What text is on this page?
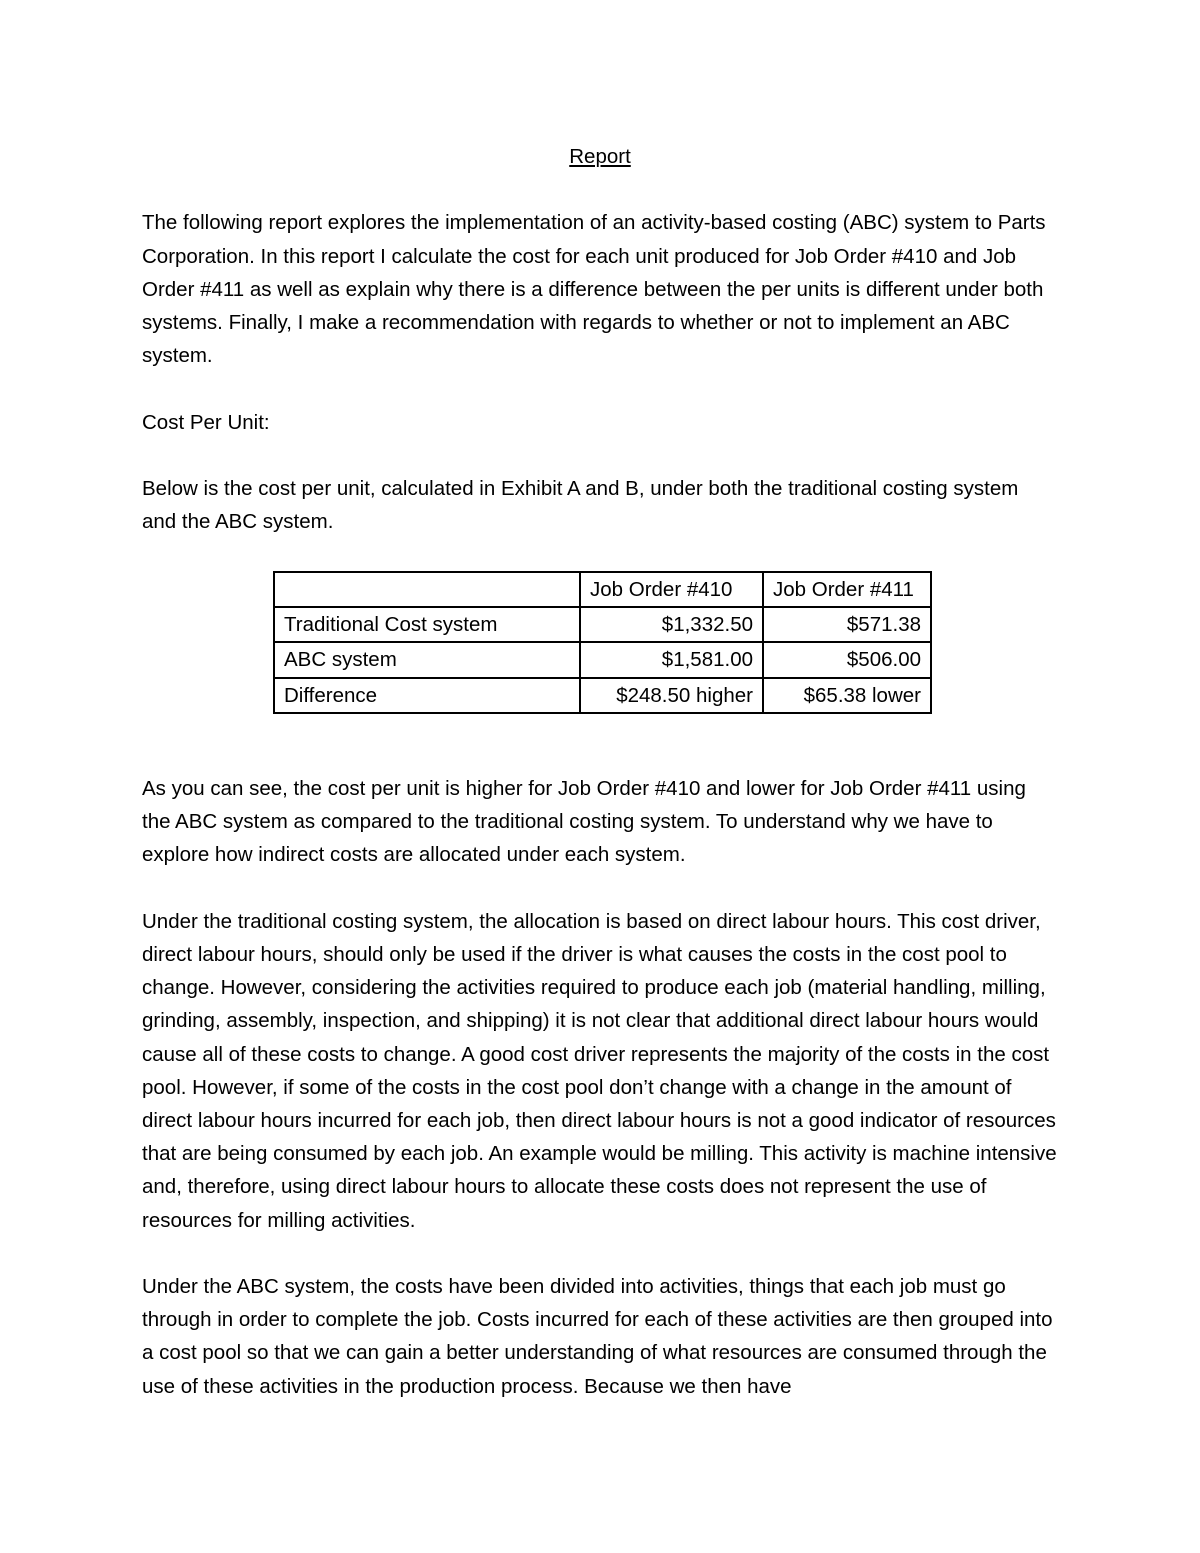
Report

The following report explores the implementation of an activity-based costing (ABC) system to Parts Corporation. In this report I calculate the cost for each unit produced for Job Order #410 and Job Order #411 as well as explain why there is a difference between the per units is different under both systems. Finally, I make a recommendation with regards to whether or not to implement an ABC system.

Cost Per Unit:

Below is the cost per unit, calculated in Exhibit A and B, under both the traditional costing system and the ABC system.

	Job Order #410	Job Order #411
Traditional Cost system	$1,332.50	$571.38
ABC system	$1,581.00	$506.00
Difference	$248.50 higher	$65.38 lower

As you can see, the cost per unit is higher for Job Order #410 and lower for Job Order #411 using the ABC system as compared to the traditional costing system. To understand why we have to explore how indirect costs are allocated under each system.

Under the traditional costing system, the allocation is based on direct labour hours. This cost driver, direct labour hours, should only be used if the driver is what causes the costs in the cost pool to change. However, considering the activities required to produce each job (material handling, milling, grinding, assembly, inspection, and shipping) it is not clear that additional direct labour hours would cause all of these costs to change. A good cost driver represents the majority of the costs in the cost pool. However, if some of the costs in the cost pool don’t change with a change in the amount of direct labour hours incurred for each job, then direct labour hours is not a good indicator of resources that are being consumed by each job. An example would be milling. This activity is machine intensive and, therefore, using direct labour hours to allocate these costs does not represent the use of resources for milling activities.

Under the ABC system, the costs have been divided into activities, things that each job must go through in order to complete the job. Costs incurred for each of these activities are then grouped into a cost pool so that we can gain a better understanding of what resources are consumed through the use of these activities in the production process. Because we then have
